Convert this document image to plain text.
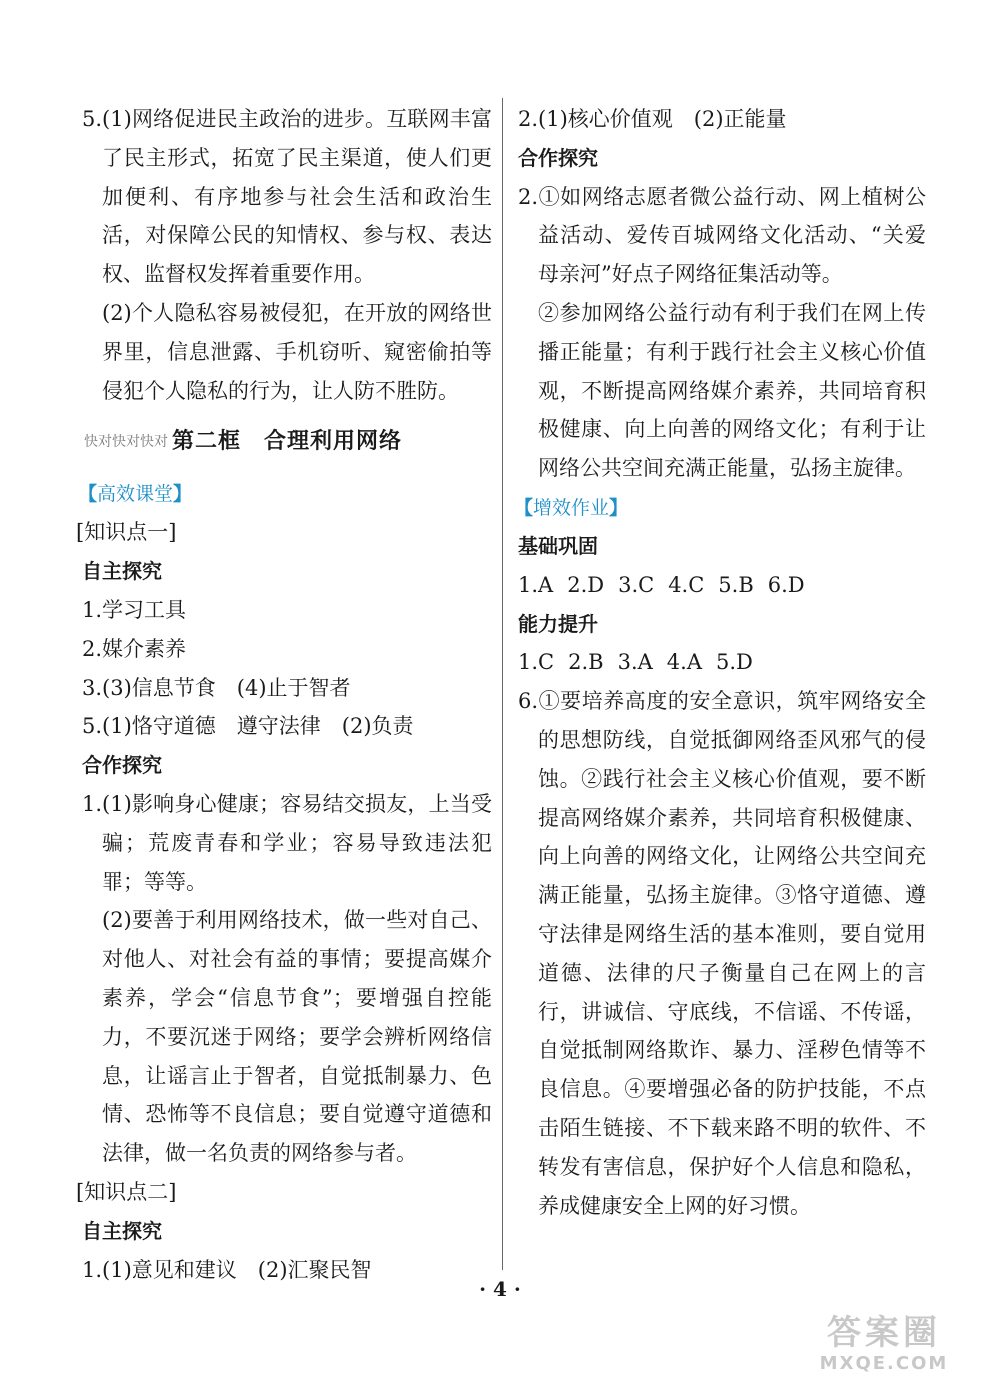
5.(1)网络促进民主政治的进步。互联网丰富了民主形式，拓宽了民主渠道，使人们更加便利、有序地参与社会生活和政治生活，对保障公民的知情权、参与权、表达权、监督权发挥着重要作用。

(2)个人隐私容易被侵犯，在开放的网络世界里，信息泄露、手机窃听、窥密偷拍等侵犯个人隐私的行为，让人防不胜防。

快对快对快对 第二框　合理利用网络
【高效课堂】

[知识点一]

自主探究

1.学习工具

2.媒介素养

3.(3)信息节食　(4)止于智者

5.(1)恪守道德　遵守法律　(2)负责

合作探究

1.(1)影响身心健康；容易结交损友，上当受骗；荒废青春和学业；容易导致违法犯罪；等等。

(2)要善于利用网络技术，做一些对自己、对他人、对社会有益的事情；要提高媒介素养，学会“信息节食”；要增强自控能力，不要沉迷于网络；要学会辨析网络信息，让谣言止于智者，自觉抵制暴力、色情、恐怖等不良信息；要自觉遵守道德和法律，做一名负责的网络参与者。

[知识点二]

自主探究

1.(1)意见和建议　(2)汇聚民智

2.(1)核心价值观　(2)正能量

合作探究

2.①如网络志愿者微公益行动、网上植树公益活动、爱传百城网络文化活动、“关爱母亲河”好点子网络征集活动等。

②参加网络公益行动有利于我们在网上传播正能量；有利于践行社会主义核心价值观，不断提高网络媒介素养，共同培育积极健康、向上向善的网络文化；有利于让网络公共空间充满正能量，弘扬主旋律。

【增效作业】

基础巩固

1.A 2.D 3.C 4.C 5.B 6.D

能力提升

1.C 2.B 3.A 4.A 5.D

6.①要培养高度的安全意识，筑牢网络安全的思想防线，自觉抵御网络歪风邪气的侵蚀。②践行社会主义核心价值观，要不断提高网络媒介素养，共同培育积极健康、向上向善的网络文化，让网络公共空间充满正能量，弘扬主旋律。③恪守道德、遵守法律是网络生活的基本准则，要自觉用道德、法律的尺子衡量自己在网上的言行，讲诚信、守底线，不信谣、不传谣，自觉抵制网络欺诈、暴力、淫秽色情等不良信息。④要增强必备的防护技能，不点击陌生链接、不下载来路不明的软件、不转发有害信息，保护好个人信息和隐私，养成健康安全上网的好习惯。

· 4 ·
答案圈
MXQE.COM
